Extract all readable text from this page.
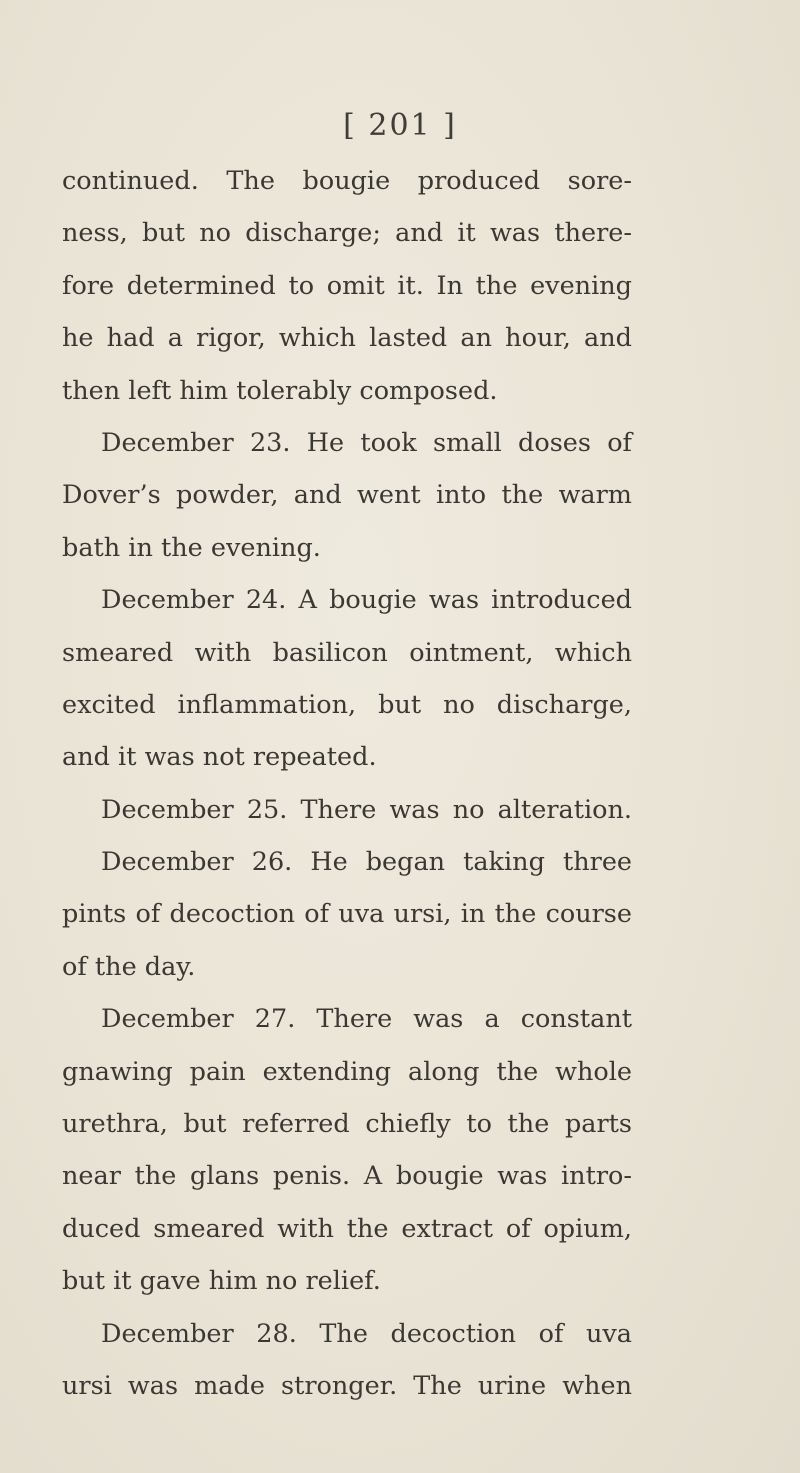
[ 201 ]
continued. The bougie produced sore-
ness, but no discharge; and it was there-
fore determined to omit it. In the evening
he had a rigor, which lasted an hour, and
then left him tolerably composed.
December 23. He took small doses of
Dover’s powder, and went into the warm
bath in the evening.
December 24. A bougie was introduced
smeared with basilicon ointment, which
excited inflammation, but no discharge,
and it was not repeated.
December 25. There was no alteration.
December 26. He began taking three
pints of decoction of uva ursi, in the course
of the day.
December 27. There was a constant
gnawing pain extending along the whole
urethra, but referred chiefly to the parts
near the glans penis. A bougie was intro-
duced smeared with the extract of opium,
but it gave him no relief.
December 28. The decoction of uva
ursi was made stronger. The urine when
